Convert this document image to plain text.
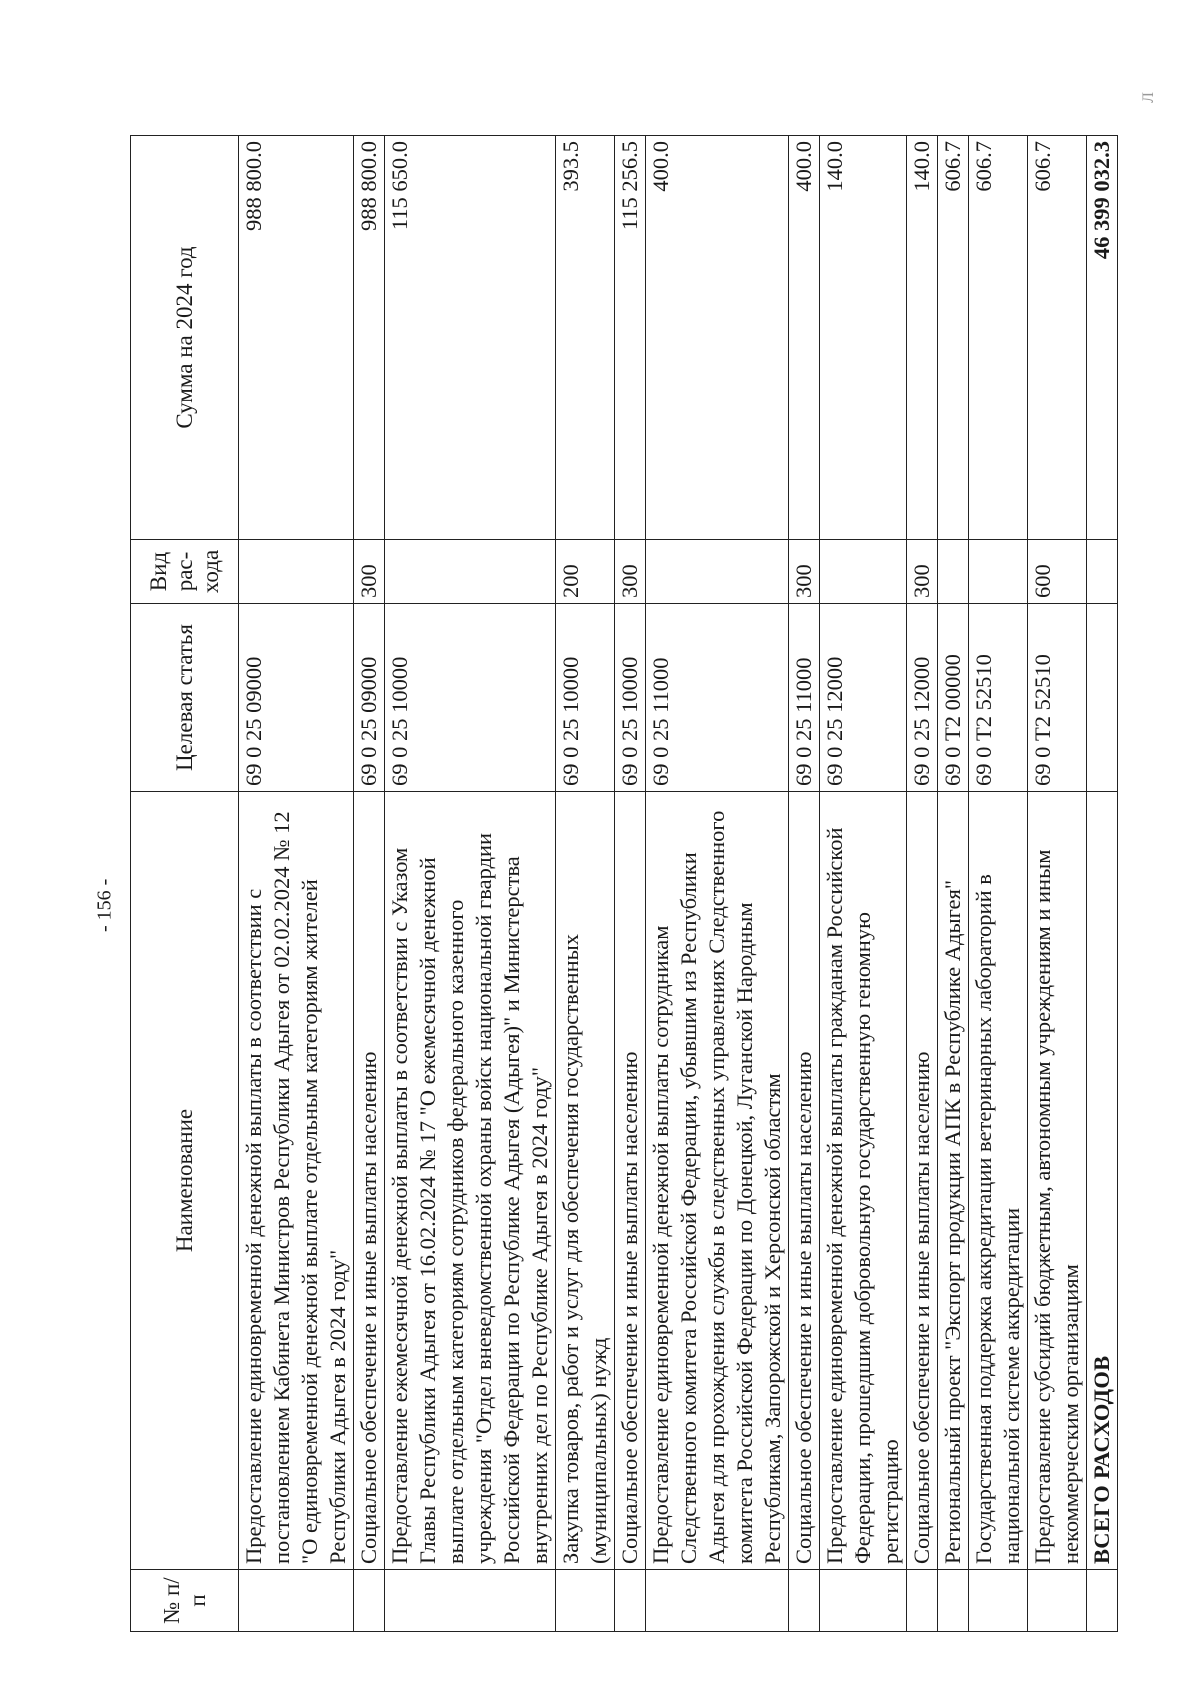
- 156 -
Л
№ п/п	Наименование	Целевая статья	Вид рас-хода	Сумма на 2024 год
	Предоставление единовременной денежной выплаты в соответствии с постановлением Кабинета Министров Республики Адыгея от 02.02.2024 № 12 "О единовременной денежной выплате отдельным категориям жителей Республики Адыгея в 2024 году"	69 0 25 09000		988 800.0
	Социальное обеспечение и иные выплаты населению	69 0 25 09000	300	988 800.0
	Предоставление ежемесячной денежной выплаты в соответствии с Указом Главы Республики Адыгея от 16.02.2024 № 17 "О ежемесячной денежной выплате отдельным категориям сотрудников федерального казенного учреждения "Отдел вневедомственной охраны войск национальной гвардии Российской Федерации по Республике Адыгея (Адыгея)" и Министерства внутренних дел по Республике Адыгея в 2024 году"	69 0 25 10000		115 650.0
	Закупка товаров, работ и услуг для обеспечения государственных (муниципальных) нужд	69 0 25 10000	200	393.5
	Социальное обеспечение и иные выплаты населению	69 0 25 10000	300	115 256.5
	Предоставление единовременной денежной выплаты сотрудникам Следственного комитета Российской Федерации, убывшим из Республики Адыгея для прохождения службы в следственных управлениях Следственного комитета Российской Федерации по Донецкой, Луганской Народным Республикам, Запорожской и Херсонской областям	69 0 25 11000		400.0
	Социальное обеспечение и иные выплаты населению	69 0 25 11000	300	400.0
	Предоставление единовременной денежной выплаты гражданам Российской Федерации, прошедшим добровольную государственную геномную регистрацию	69 0 25 12000		140.0
	Социальное обеспечение и иные выплаты населению	69 0 25 12000	300	140.0
	Региональный проект "Экспорт продукции АПК в Республике Адыгея"	69 0 Т2 00000		606.7
	Государственная поддержка аккредитации ветеринарных лабораторий в национальной системе аккредитации	69 0 Т2 52510		606.7
	Предоставление субсидий бюджетным, автономным учреждениям и иным некоммерческим организациям	69 0 Т2 52510	600	606.7
	ВСЕГО РАСХОДОВ			46 399 032.3
